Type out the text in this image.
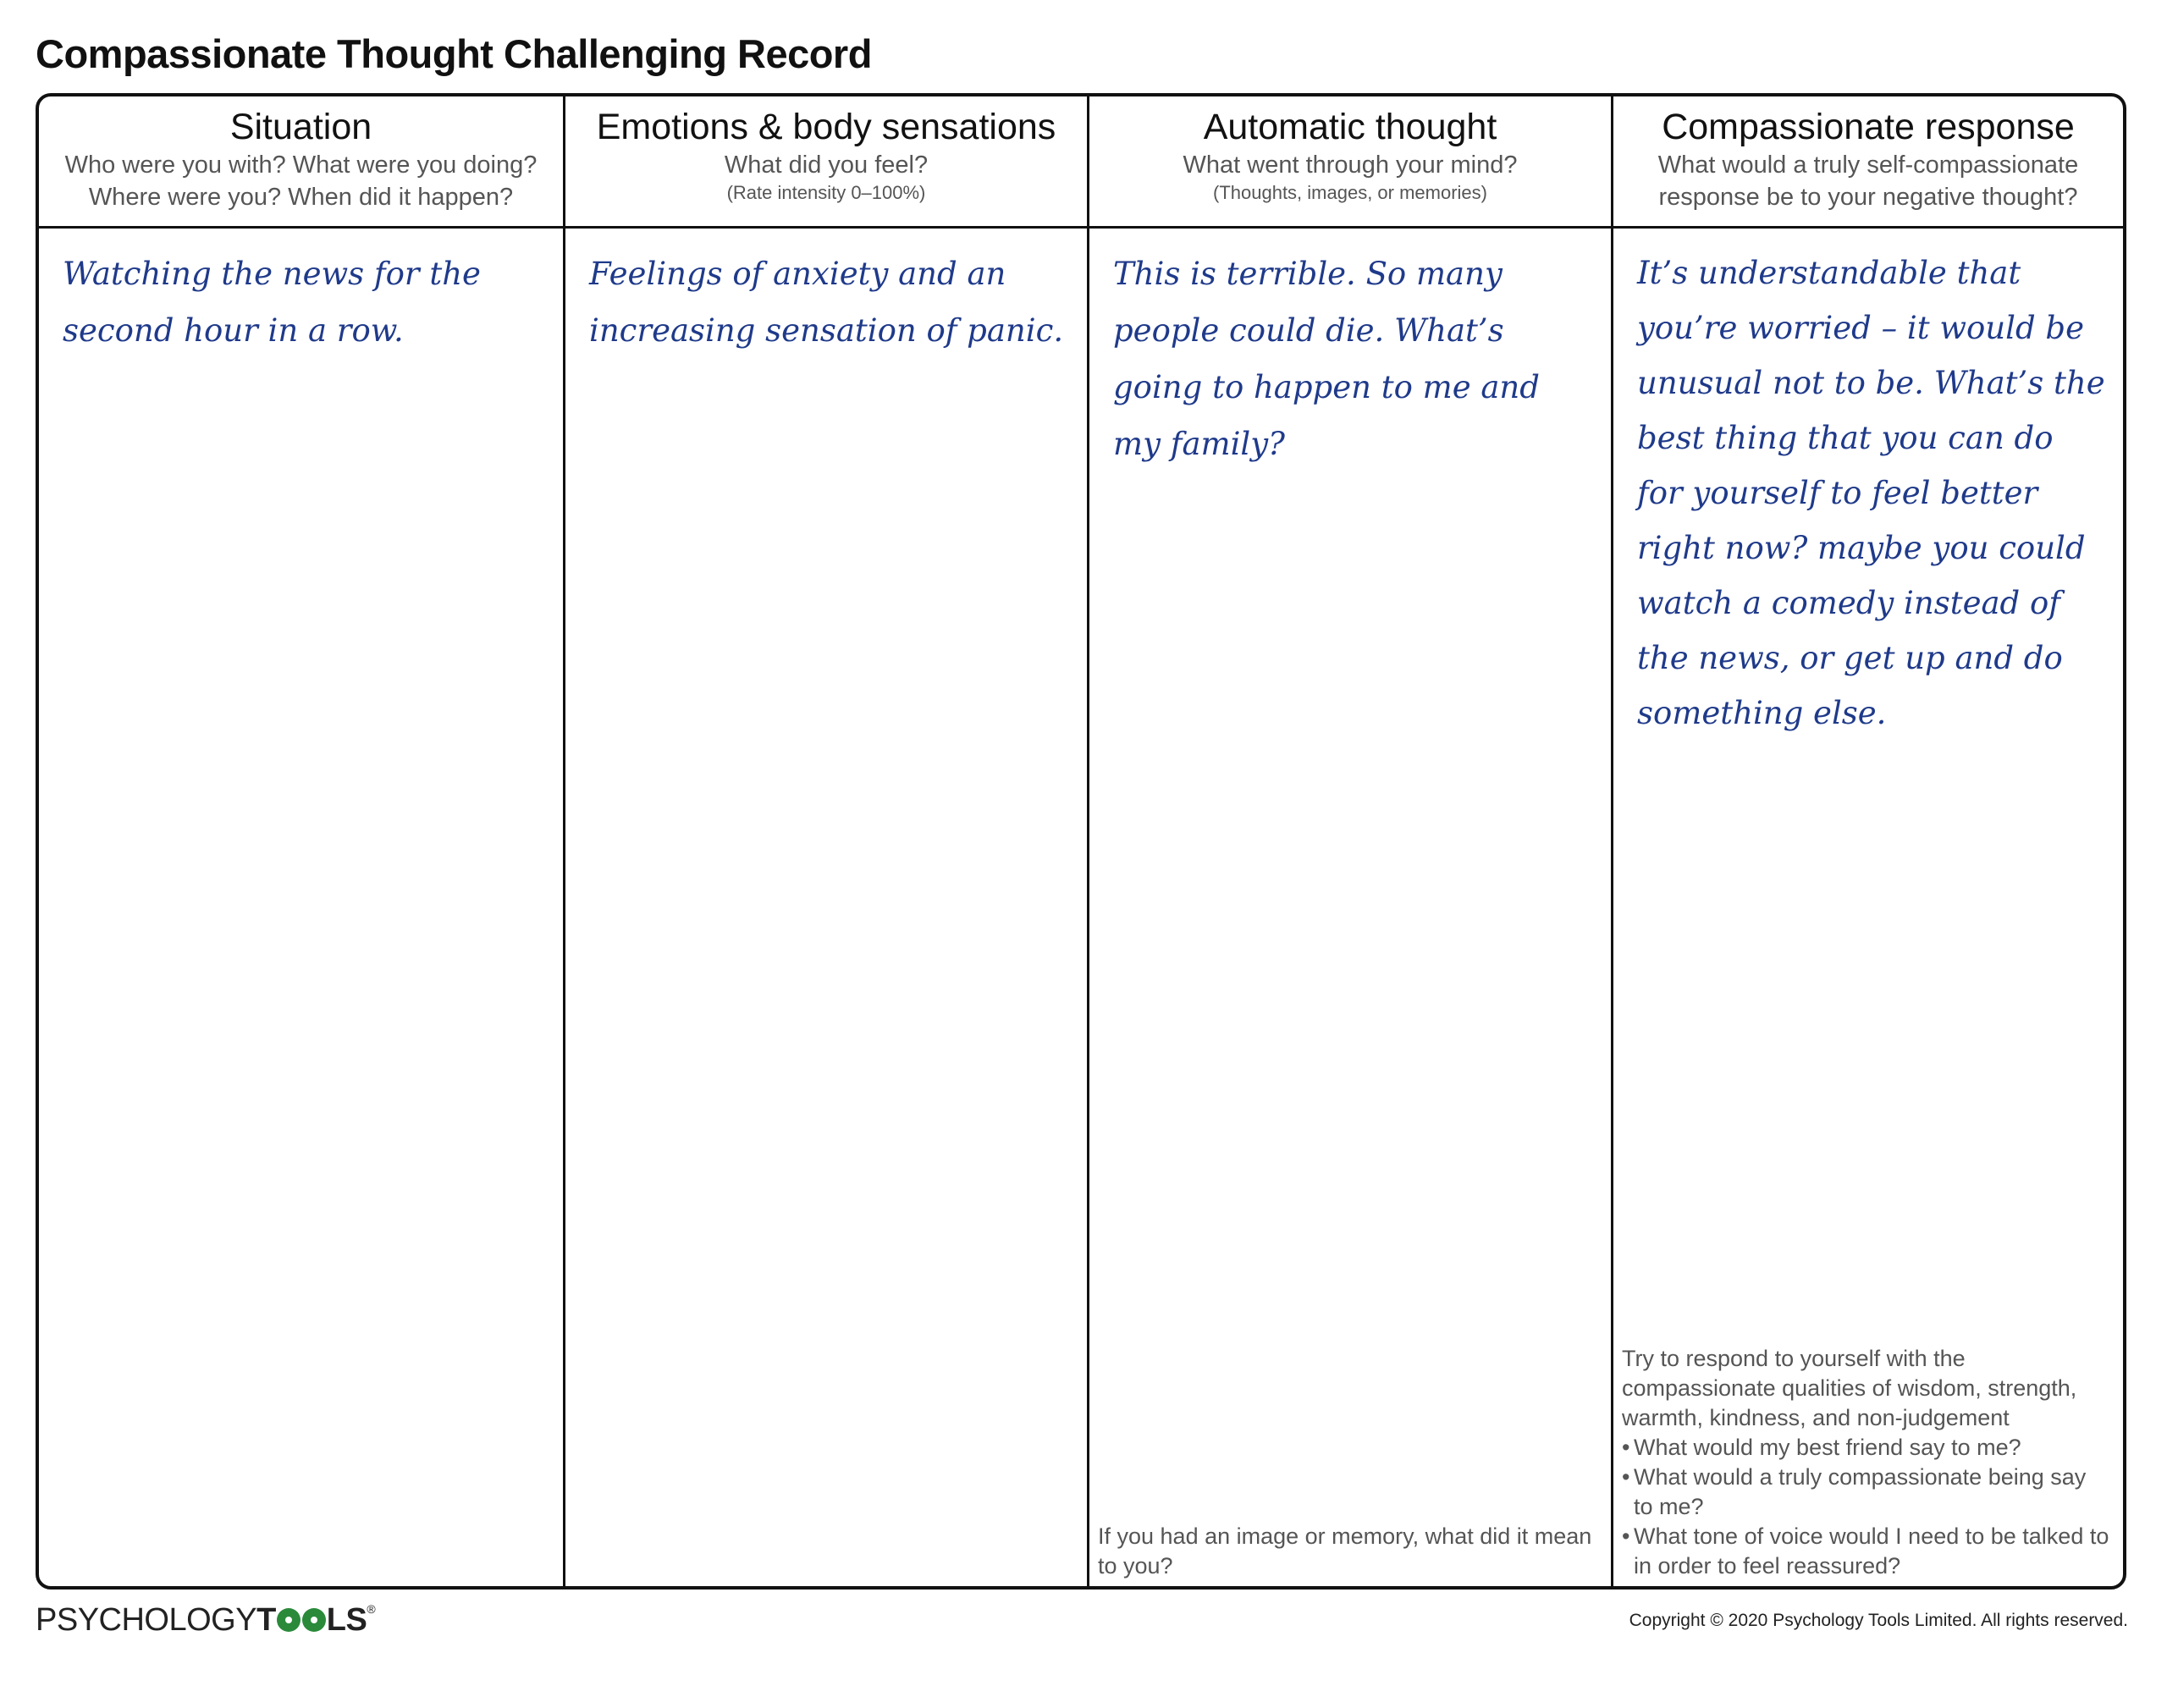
Compassionate Thought Challenging Record
Situation
Who were you with? What were you doing? Where were you? When did it happen?
Watching the news for the second hour in a row.
Emotions & body sensations
What did you feel?
(Rate intensity 0–100%)
Feelings of anxiety and an increasing sensation of panic.
Automatic thought
What went through your mind?
(Thoughts, images, or memories)
This is terrible. So many people could die. What’s going to happen to me and my family?
If you had an image or memory, what did it mean to you?
Compassionate response
What would a truly self-compassionate response be to your negative thought?
It’s understandable that you’re worried – it would be unusual not to be. What’s the best thing that you can do for yourself to feel better right now? maybe you could watch a comedy instead of the news, or get up and do something else.
Try to respond to yourself with the compassionate qualities of wisdom, strength, warmth, kindness, and non-judgement
• What would my best friend say to me?
• What would a truly compassionate being say to me?
• What tone of voice would I need to be talked to in order to feel reassured?
PSYCHOLOGYT LS®
Copyright © 2020 Psychology Tools Limited. All rights reserved.
